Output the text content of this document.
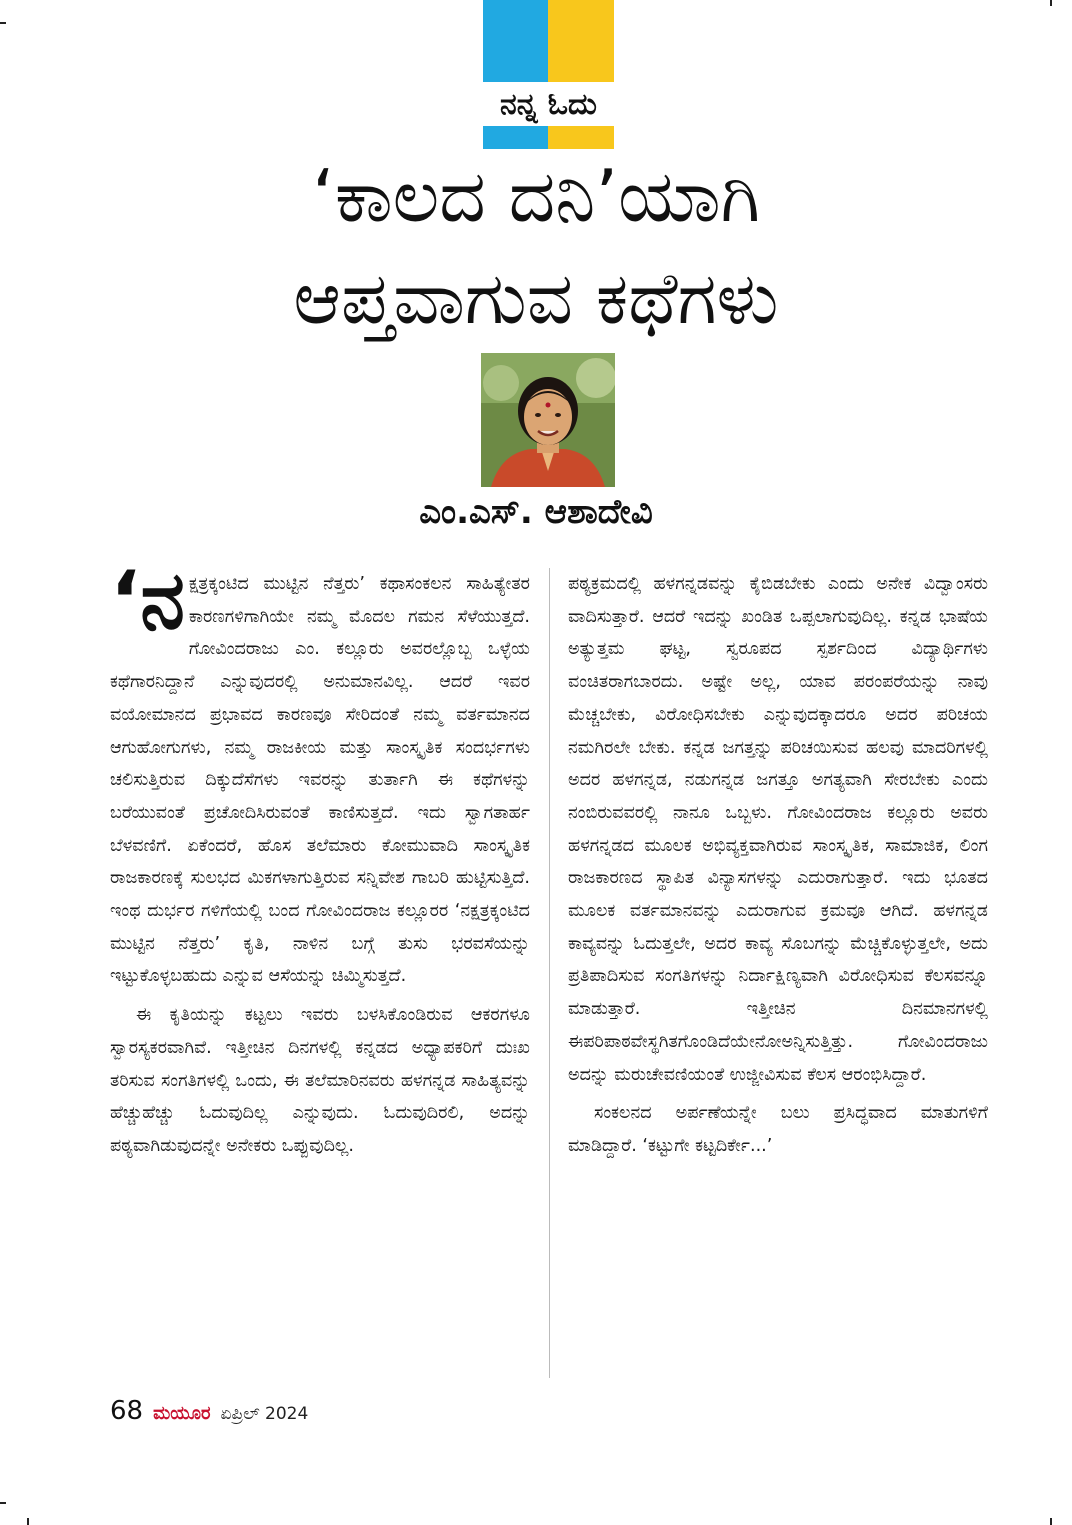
ನನ್ನ ಓದು
‘ಕಾಲದ ದನಿ’ಯಾಗಿ
ಆಪ್ತವಾಗುವ ಕಥೆಗಳು
ಎಂ.ಎಸ್. ಆಶಾದೇವಿ

‘ನಕ್ಷತ್ರಕ್ಕಂಟಿದ ಮುಟ್ಟಿನ ನೆತ್ತರು’ ಕಥಾಸಂಕಲನ ಸಾಹಿತ್ಯೇತರ ಕಾರಣಗಳಿಗಾಗಿಯೇ ನಮ್ಮ ಮೊದಲ ಗಮನ ಸೆಳೆಯುತ್ತದೆ. ಗೋವಿಂದರಾಜು ಎಂ. ಕಲ್ಲೂರು ಅವರಲ್ಲೊಬ್ಬ ಒಳ್ಳೆಯ ಕಥೆಗಾರನಿದ್ದಾನೆ ಎನ್ನುವುದರಲ್ಲಿ ಅನುಮಾನವಿಲ್ಲ. ಆದರೆ ಇವರ ವಯೋಮಾನದ ಪ್ರಭಾವದ ಕಾರಣವೂ ಸೇರಿದಂತೆ ನಮ್ಮ ವರ್ತಮಾನದ ಆಗುಹೋಗುಗಳು, ನಮ್ಮ ರಾಜಕೀಯ ಮತ್ತು ಸಾಂಸ್ಕೃತಿಕ ಸಂದರ್ಭಗಳು ಚಲಿಸುತ್ತಿರುವ ದಿಕ್ಕುದೆಸೆಗಳು ಇವರನ್ನು ತುರ್ತಾಗಿ ಈ ಕಥೆಗಳನ್ನು ಬರೆಯುವಂತೆ ಪ್ರಚೋದಿಸಿರುವಂತೆ ಕಾಣಿಸುತ್ತದೆ. ಇದು ಸ್ವಾಗತಾರ್ಹ ಬೆಳವಣಿಗೆ. ಏಕೆಂದರೆ, ಹೊಸ ತಲೆಮಾರು ಕೋಮುವಾದಿ ಸಾಂಸ್ಕೃತಿಕ ರಾಜಕಾರಣಕ್ಕೆ ಸುಲಭದ ಮಿಕಗಳಾಗುತ್ತಿರುವ ಸನ್ನಿವೇಶ ಗಾಬರಿ ಹುಟ್ಟಿಸುತ್ತಿದೆ. ಇಂಥ ದುರ್ಭರ ಗಳಿಗೆಯಲ್ಲಿ ಬಂದ ಗೋವಿಂದರಾಜ ಕಲ್ಲೂರರ ‘ನಕ್ಷತ್ರಕ್ಕಂಟಿದ ಮುಟ್ಟಿನ ನೆತ್ತರು’ ಕೃತಿ, ನಾಳಿನ ಬಗ್ಗೆ ತುಸು ಭರವಸೆಯನ್ನು ಇಟ್ಟುಕೊಳ್ಳಬಹುದು ಎನ್ನುವ ಆಸೆಯನ್ನು ಚಿಮ್ಮಿಸುತ್ತದೆ.

ಈ ಕೃತಿಯನ್ನು ಕಟ್ಟಲು ಇವರು ಬಳಸಿಕೊಂಡಿರುವ ಆಕರಗಳೂ ಸ್ವಾರಸ್ಯಕರವಾಗಿವೆ. ಇತ್ತೀಚಿನ ದಿನಗಳಲ್ಲಿ ಕನ್ನಡದ ಅಧ್ಯಾಪಕರಿಗೆ ದುಃಖ ತರಿಸುವ ಸಂಗತಿಗಳಲ್ಲಿ ಒಂದು, ಈ ತಲೆಮಾರಿನವರು ಹಳಗನ್ನಡ ಸಾಹಿತ್ಯವನ್ನು ಹೆಚ್ಚುಹೆಚ್ಚು ಓದುವುದಿಲ್ಲ ಎನ್ನುವುದು. ಓದುವುದಿರಲಿ, ಅದನ್ನು ಪಠ್ಯವಾಗಿಡುವುದನ್ನೇ ಅನೇಕರು ಒಪ್ಪುವುದಿಲ್ಲ.

ಪಠ್ಯಕ್ರಮದಲ್ಲಿ ಹಳಗನ್ನಡವನ್ನು ಕೈಬಿಡಬೇಕು ಎಂದು ಅನೇಕ ವಿದ್ವಾಂಸರು ವಾದಿಸುತ್ತಾರೆ. ಆದರೆ ಇದನ್ನು ಖಂಡಿತ ಒಪ್ಪಲಾಗುವುದಿಲ್ಲ. ಕನ್ನಡ ಭಾಷೆಯ ಅತ್ಯುತ್ತಮ ಘಟ್ಟ, ಸ್ವರೂಪದ ಸ್ಪರ್ಶದಿಂದ ವಿದ್ಯಾರ್ಥಿಗಳು ವಂಚಿತರಾಗಬಾರದು. ಅಷ್ಟೇ ಅಲ್ಲ, ಯಾವ ಪರಂಪರೆಯನ್ನು ನಾವು ಮೆಚ್ಚಬೇಕು, ವಿರೋಧಿಸಬೇಕು ಎನ್ನುವುದಕ್ಕಾದರೂ ಅದರ ಪರಿಚಯ ನಮಗಿರಲೇ ಬೇಕು. ಕನ್ನಡ ಜಗತ್ತನ್ನು ಪರಿಚಯಿಸುವ ಹಲವು ಮಾದರಿಗಳಲ್ಲಿ ಅದರ ಹಳಗನ್ನಡ, ನಡುಗನ್ನಡ ಜಗತ್ತೂ ಅಗತ್ಯವಾಗಿ ಸೇರಬೇಕು ಎಂದು ನಂಬಿರುವವರಲ್ಲಿ ನಾನೂ ಒಬ್ಬಳು. ಗೋವಿಂದರಾಜ ಕಲ್ಲೂರು ಅವರು ಹಳಗನ್ನಡದ ಮೂಲಕ ಅಭಿವ್ಯಕ್ತವಾಗಿರುವ ಸಾಂಸ್ಕೃತಿಕ, ಸಾಮಾಜಿಕ, ಲಿಂಗ ರಾಜಕಾರಣದ ಸ್ಥಾಪಿತ ವಿನ್ಯಾಸಗಳನ್ನು ಎದುರಾಗುತ್ತಾರೆ. ಇದು ಭೂತದ ಮೂಲಕ ವರ್ತಮಾನವನ್ನು ಎದುರಾಗುವ ಕ್ರಮವೂ ಆಗಿದೆ. ಹಳಗನ್ನಡ ಕಾವ್ಯವನ್ನು ಓದುತ್ತಲೇ, ಅದರ ಕಾವ್ಯ ಸೊಬಗನ್ನು ಮೆಚ್ಚಿಕೊಳ್ಳುತ್ತಲೇ, ಅದು ಪ್ರತಿಪಾದಿಸುವ ಸಂಗತಿಗಳನ್ನು ನಿರ್ದಾಕ್ಷಿಣ್ಯವಾಗಿ ವಿರೋಧಿಸುವ ಕೆಲಸವನ್ನೂ ಮಾಡುತ್ತಾರೆ. ಇತ್ತೀಚಿನ ದಿನಮಾನಗಳಲ್ಲಿ ಈಪರಿಪಾಠವೇಸ್ಥಗಿತಗೊಂಡಿದೆಯೇನೋಅನ್ನಿಸುತ್ತಿತ್ತು. ಗೋವಿಂದರಾಜು ಅದನ್ನು ಮರುಚೇವಣಿಯಂತೆ ಉಜ್ಜೀವಿಸುವ ಕೆಲಸ ಆರಂಭಿಸಿದ್ದಾರೆ.

ಸಂಕಲನದ ಅರ್ಪಣೆಯನ್ನೇ ಬಲು ಪ್ರಸಿದ್ಧವಾದ ಮಾತುಗಳಿಗೆ ಮಾಡಿದ್ದಾರೆ. ‘ಕಟ್ಟುಗೇ ಕಟ್ಟದಿರ್ಕೇ...’

68 ಮಯೂರ ಏಪ್ರಿಲ್ 2024
